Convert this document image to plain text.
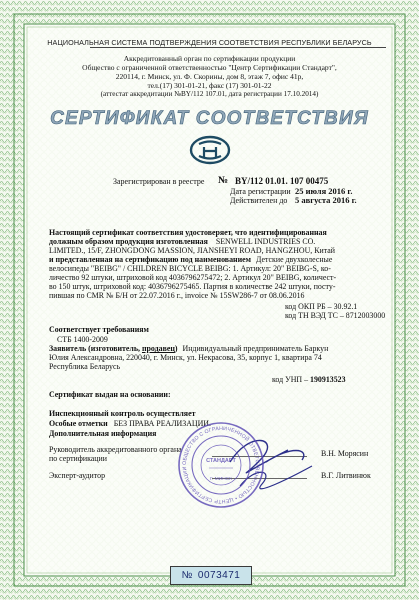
НАЦИОНАЛЬНАЯ СИСТЕМА ПОДТВЕРЖДЕНИЯ СООТВЕТСТВИЯ РЕСПУБЛИКИ БЕЛАРУСЬ
Аккредитованный орган по сертификации продукции
Общество с ограниченной ответственностью "Центр Сертификации Стандарт",
220114, г. Минск, ул. Ф. Скорины, дом 8, этаж 7, офис 41р,
тел.(17) 301-01-21, факс (17) 301-01-22
(аттестат аккредитации №BY/112 107.01, дата регистрации 17.10.2014)
СЕРТИФИКАТ СООТВЕТСТВИЯ
Зарегистрирован в реестре № BY/112 01.01. 107 00475
Дата регистрации 25 июля 2016 г.
Действителен до 5 августа 2016 г.
Настоящий сертификат соответствия удостоверяет, что идентифицированная
должным образом продукция изготовленная SENWELL INDUSTRIES CO.
LIMITED., 15/F, ZHONGDONG MASSION, JIANSHEYI ROAD, HANGZHOU, Китай
и представленная на сертификацию под наименованием Детские двухколесные
велосипеды "BEIBG" / CHILDREN BICYCLE BEIBG: 1. Артикул: 20" BEIBG-S, ко-
личество 92 штуки, штриховой код 4036796275472; 2. Артикул 20" BEIBG, количест-
во 150 штук, штриховой код: 4036796275465. Партия в количестве 242 штуки, посту-
пившая по CMR № Б/Н от 22.07.2016 г., invoice № 15SW286-7 от 08.06.2016
код ОКП РБ – 30.92.1
код ТН ВЭД ТС – 8712003000
Соответствует требованиям
СТБ 1400-2009
Заявитель (изготовитель, продавец) Индивидуальный предприниматель Баркун
Юлия Александровна, 220040, г. Минск, ул. Некрасова, 35, корпус 1, квартира 74
Республика Беларусь
код УНП – 190913523
Сертификат выдан на основании:
Инспекционный контроль осуществляет
Особые отметки БЕЗ ПРАВА РЕАЛИЗАЦИИ.
Дополнительная информация
Руководитель аккредитованного органа
по сертификации
В.Н. Морясин
Эксперт-аудитор	В.Г. Литвинюк
ОБЩЕСТВО С ОГРАНИЧЕННОЙ ОТВЕТСТВЕННОСТЬЮ • ЦЕНТР СЕРТИФИКАЦИИ
СТАНДАРТ
Г. МИНСК
№ 0073471
